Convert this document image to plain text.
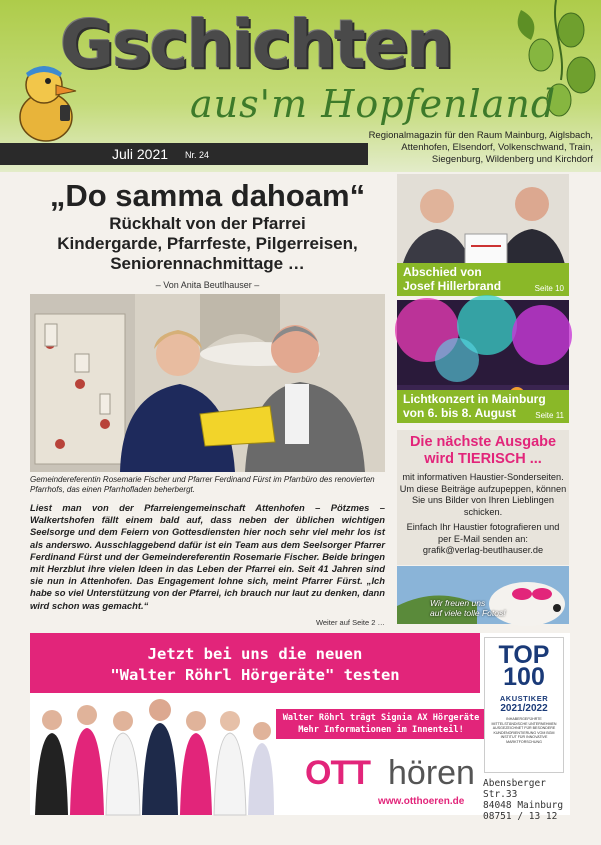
Gschichten
aus'm Hopfenland
Juli 2021 Nr. 24
Regionalmagazin für den Raum Mainburg, Aiglsbach, Attenhofen, Elsendorf, Volkenschwand, Train, Siegenburg, Wildenberg und Kirchdorf
„Do samma dahoam“
Rückhalt von der Pfarrei
Kindergarde, Pfarrfeste, Pilgerreisen,
Seniorennachmittage …
– Von Anita Beutlhauser –
Gemeindereferentin Rosemarie Fischer und Pfarrer Ferdinand Fürst im Pfarrbüro des renovierten Pfarrhofs, das einen Pfarrhofladen beherbergt.
Liest man von der Pfarreiengemeinschaft Attenhofen – Pötzmes – Walkertshofen fällt einem bald auf, dass neben der üblichen wichtigen Seelsorge und dem Feiern von Gottesdiensten hier noch sehr viel mehr los ist als anderswo. Ausschlaggebend dafür ist ein Team aus dem Seelsorger Pfarrer Ferdinand Fürst und der Gemeindereferentin Rosemarie Fischer. Beide bringen mit Herzblut ihre vielen Ideen in das Leben der Pfarrei ein. Seit 41 Jahren sind sie nun in Attenhofen. Das Engagement lohne sich, meint Pfarrer Fürst. „Ich habe so viel Unterstützung von der Pfarrei, ich brauch nur laut zu denken, dann wird schon was gemacht.“
Weiter auf Seite 2 …
Abschied von
Josef Hillerbrand	Seite 10
Lichtkonzert in Mainburg
von 6. bis 8. August	Seite 11
Die nächste Ausgabe
wird TIERISCH ...
mit informativen Haustier-Sonderseiten. Um diese Beiträge aufzupeppen, können Sie uns Bilder von Ihren Lieblingen schicken.
Einfach Ihr Haustier fotografieren und per E-Mail senden an:
grafik@verlag-beutlhauser.de
Wir freuen uns
auf viele tolle Fotos!
Jetzt bei uns die neuen
"Walter Röhrl Hörgeräte" testen
Walter Röhrl trägt Signia AX Hörgeräte
Mehr Informationen im Innenteil!
OTT hören
www.otthoeren.de
Abensberger Str.33
84048 Mainburg
08751 / 13 12
TOP
100
AKUSTIKER
2021/2022
INHABERGEFÜHRTE MITTELSTÄNDISCHE UNTERNEHMEN AUSGEZEICHNET FÜR BESONDERE KUNDENORIENTIERUNG VOM BGM INSTITUT FÜR INNOVATIVE MARKTFORSCHUNG
